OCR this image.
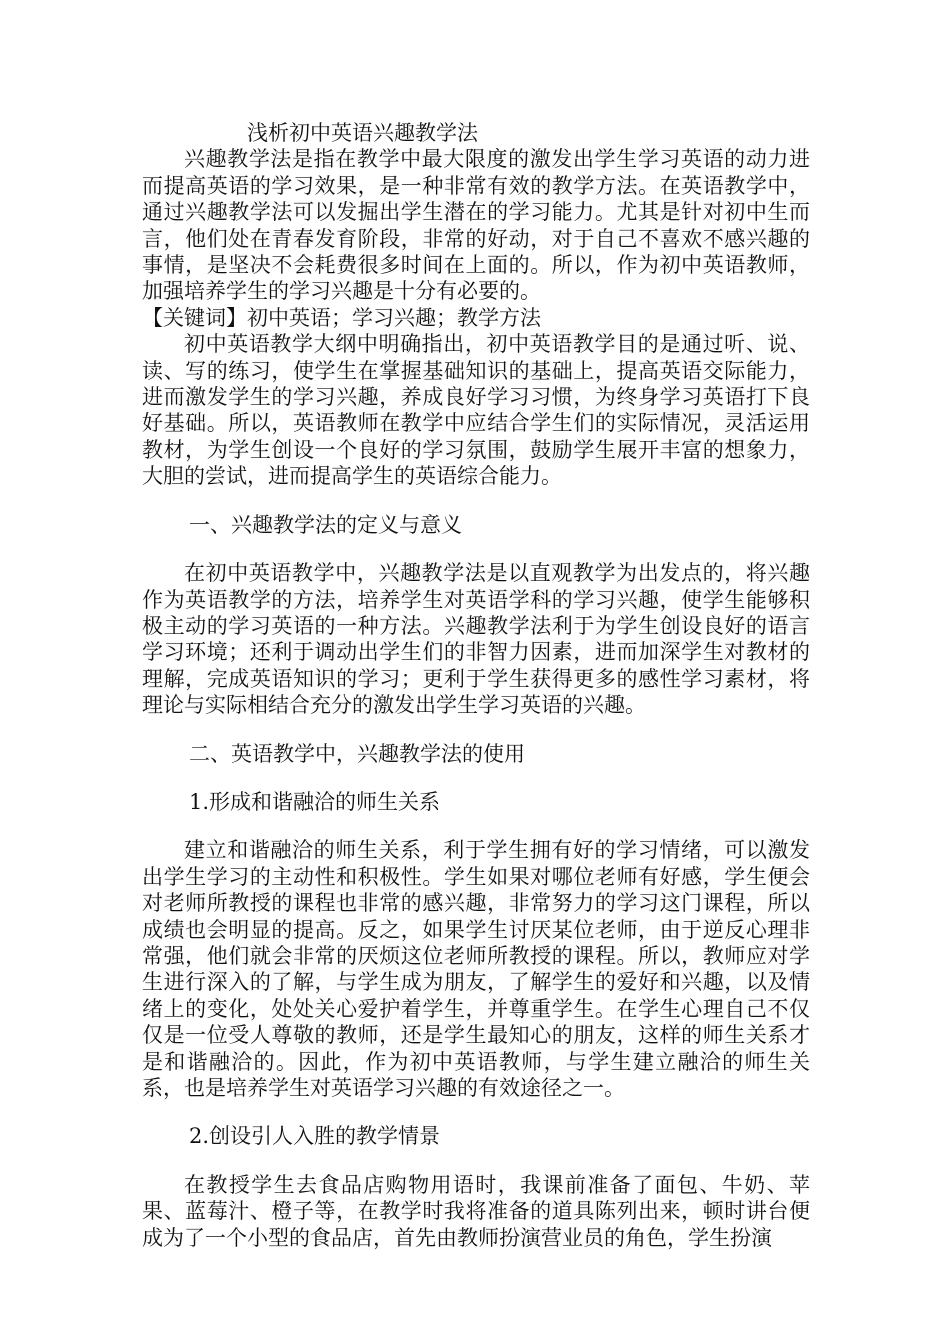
浅析初中英语兴趣教学法

兴趣教学法是指在教学中最大限度的激发出学生学习英语的动力进而提高英语的学习效果，是一种非常有效的教学方法。在英语教学中，通过兴趣教学法可以发掘出学生潜在的学习能力。尤其是针对初中生而言，他们处在青春发育阶段，非常的好动，对于自己不喜欢不感兴趣的事情，是坚决不会耗费很多时间在上面的。所以，作为初中英语教师，加强培养学生的学习兴趣是十分有必要的。

【关键词】初中英语；学习兴趣；教学方法

初中英语教学大纲中明确指出，初中英语教学目的是通过听、说、读、写的练习，使学生在掌握基础知识的基础上，提高英语交际能力，进而激发学生的学习兴趣，养成良好学习习惯，为终身学习英语打下良好基础。所以，英语教师在教学中应结合学生们的实际情况，灵活运用教材，为学生创设一个良好的学习氛围，鼓励学生展开丰富的想象力，大胆的尝试，进而提高学生的英语综合能力。

一、兴趣教学法的定义与意义

在初中英语教学中，兴趣教学法是以直观教学为出发点的，将兴趣作为英语教学的方法，培养学生对英语学科的学习兴趣，使学生能够积极主动的学习英语的一种方法。兴趣教学法利于为学生创设良好的语言学习环境；还利于调动出学生们的非智力因素，进而加深学生对教材的理解，完成英语知识的学习；更利于学生获得更多的感性学习素材，将理论与实际相结合充分的激发出学生学习英语的兴趣。

二、英语教学中，兴趣教学法的使用

1.形成和谐融洽的师生关系

建立和谐融洽的师生关系，利于学生拥有好的学习情绪，可以激发出学生学习的主动性和积极性。学生如果对哪位老师有好感，学生便会对老师所教授的课程也非常的感兴趣，非常努力的学习这门课程，所以成绩也会明显的提高。反之，如果学生讨厌某位老师，由于逆反心理非常强，他们就会非常的厌烦这位老师所教授的课程。所以，教师应对学生进行深入的了解，与学生成为朋友，了解学生的爱好和兴趣，以及情绪上的变化，处处关心爱护着学生，并尊重学生。在学生心理自己不仅仅是一位受人尊敬的教师，还是学生最知心的朋友，这样的师生关系才是和谐融洽的。因此，作为初中英语教师，与学生建立融洽的师生关系，也是培养学生对英语学习兴趣的有效途径之一。

2.创设引人入胜的教学情景

在教授学生去食品店购物用语时，我课前准备了面包、牛奶、苹果、蓝莓汁、橙子等，在教学时我将准备的道具陈列出来，顿时讲台便成为了一个小型的食品店，首先由教师扮演营业员的角色，学生扮演
